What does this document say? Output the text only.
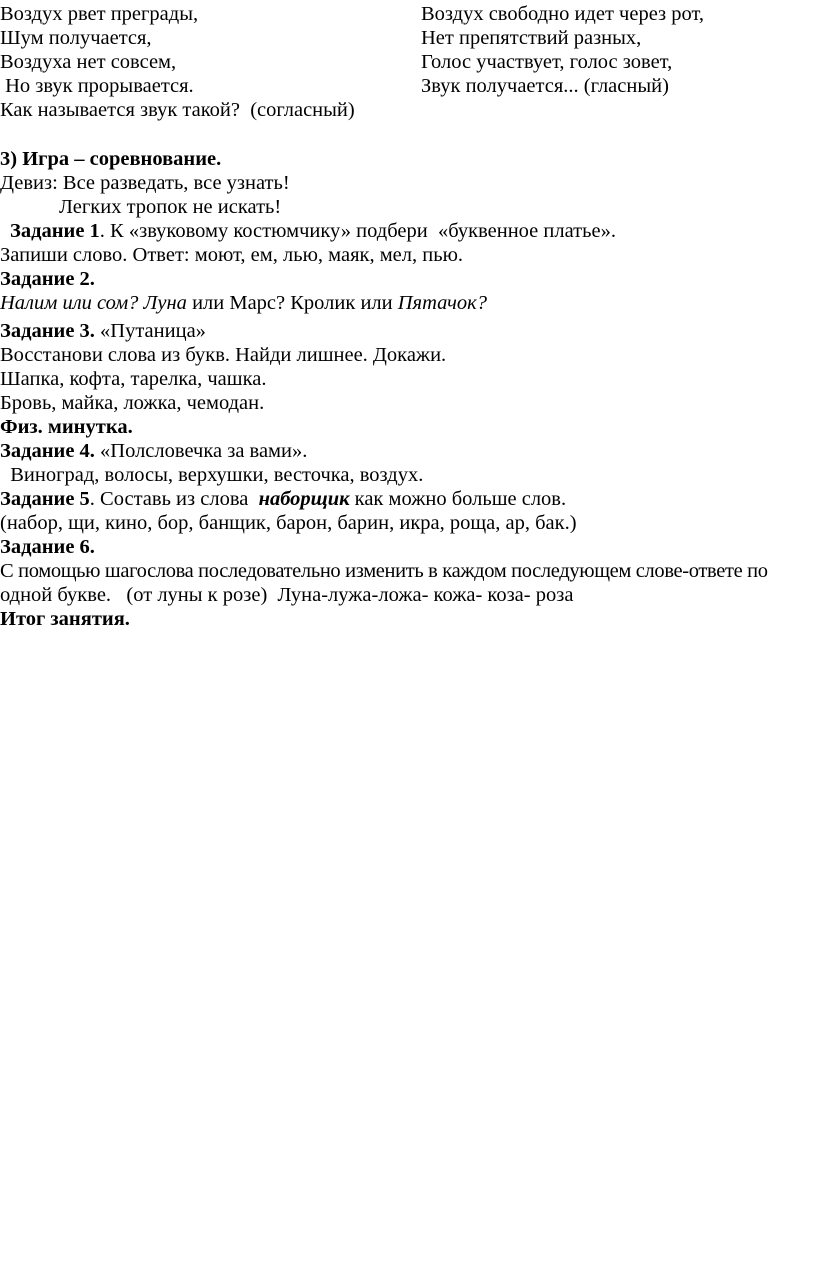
Воздух рвет преграды,	Воздух свободно идет через рот,
Шум получается,	Нет препятствий разных,
Воздуха нет совсем,	Голос участвует, голос зовет,
Но звук прорывается.	Звук получается... (гласный)
Как называется звук такой?  (согласный)
3) Игра – соревнование.
Девиз: Все разведать, все узнать!
Легких тропок не искать!
Задание 1. К «звуковому костюмчику» подбери  «буквенное платье».
Запиши слово. Ответ: моют, ем, лью, маяк, мел, пью.
Задание 2.
Налим или сом? Луна или Марс? Кролик или Пятачок?
Задание 3. «Путаница»
Восстанови слова из букв. Найди лишнее. Докажи.
Шапка, кофта, тарелка, чашка.
Бровь, майка, ложка, чемодан.
Физ. минутка.
Задание 4. «Полсловечка за вами».
Виноград, волосы, верхушки, весточка, воздух.
Задание 5. Составь из слова  наборщик как можно больше слов.
(набор, щи, кино, бор, банщик, барон, барин, икра, роща, ар, бак.)
Задание 6.
С помощью шагослова последовательно изменить в каждом последующем слове-ответе по
одной букве.   (от луны к розе)  Луна-лужа-ложа- кожа- коза- роза
Итог занятия.
